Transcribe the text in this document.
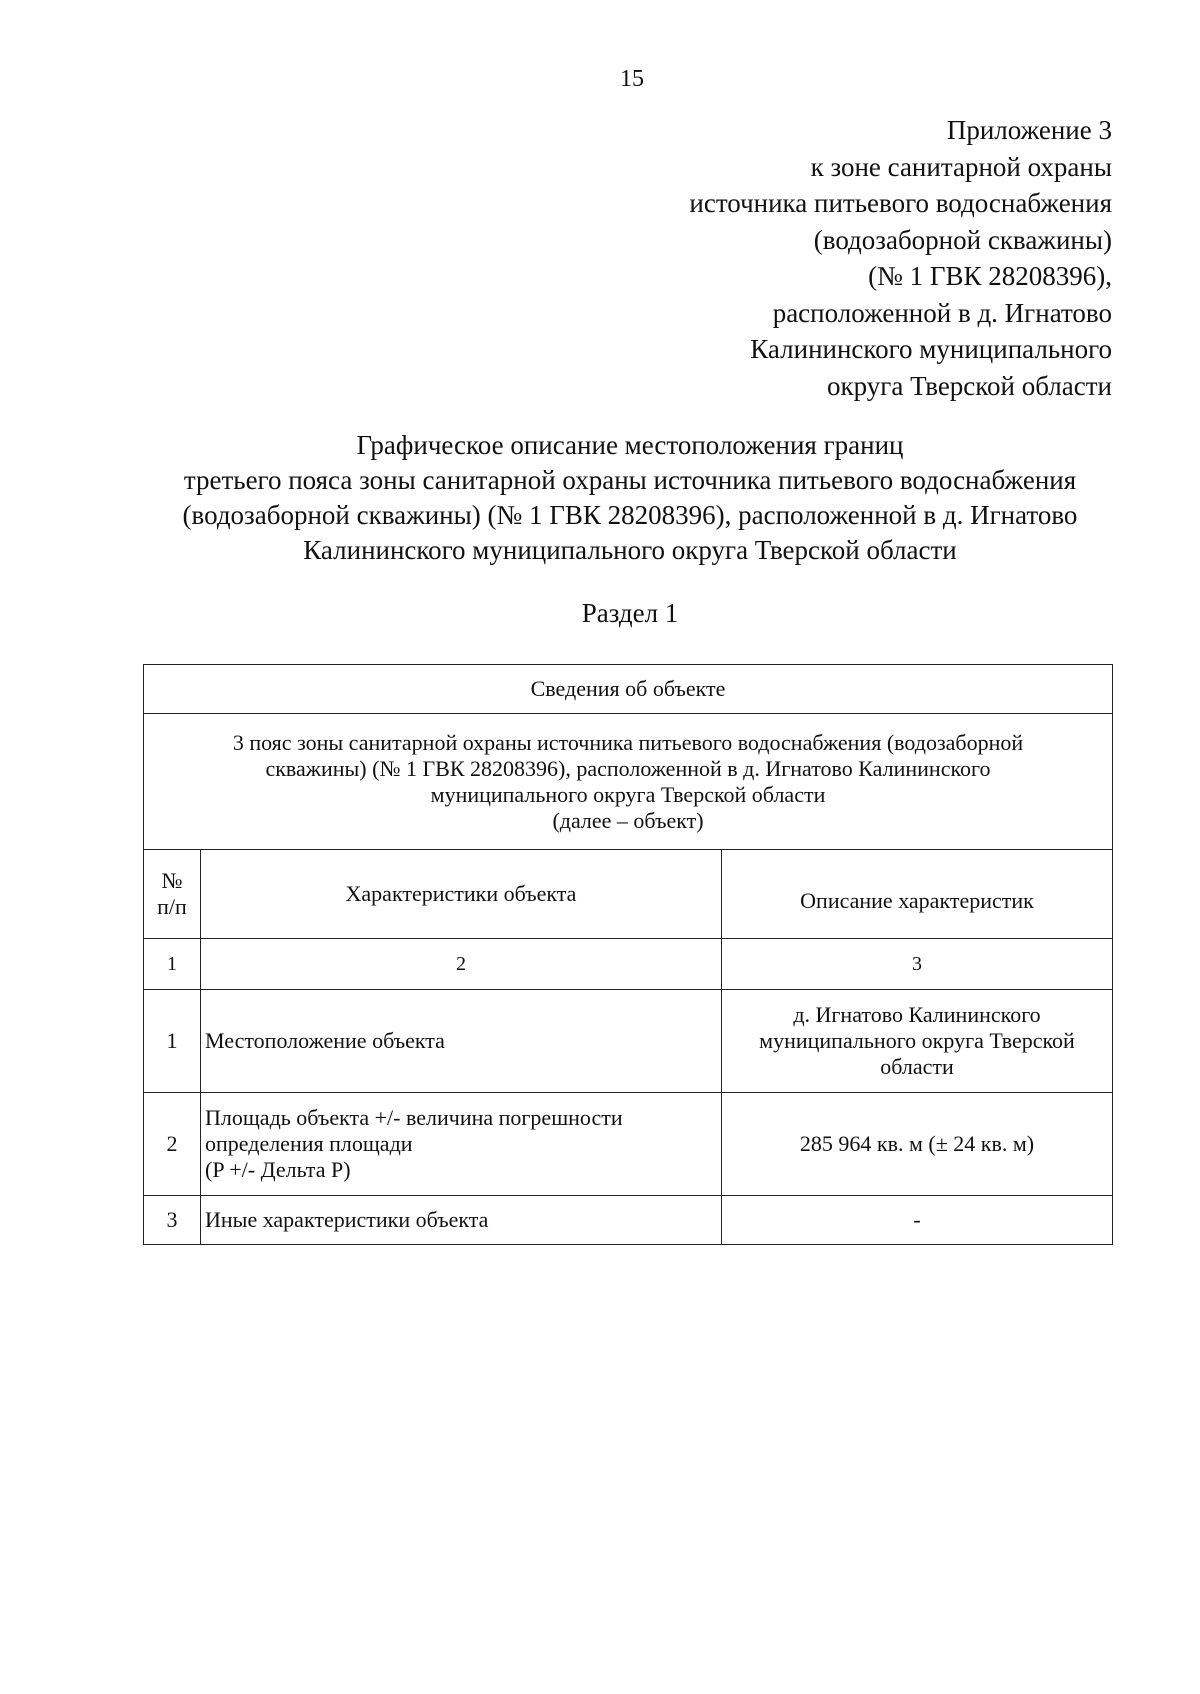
15
Приложение 3
к зоне санитарной охраны
источника питьевого водоснабжения
(водозаборной скважины)
(№ 1 ГВК 28208396),
расположенной в д. Игнатово
Калининского муниципального
округа Тверской области
Графическое описание местоположения границ
третьего пояса зоны санитарной охраны источника питьевого водоснабжения
(водозаборной скважины) (№ 1 ГВК 28208396), расположенной в д. Игнатово
Калининского муниципального округа Тверской области
Раздел 1
Сведения об объекте		

3 пояс зоны санитарной охраны источника питьевого водоснабжения (водозаборной
скважины) (№ 1 ГВК 28208396), расположенной в д. Игнатово Калининского
муниципального округа Тверской области
(далее – объект)		

№
п/п	Характеристики объекта	Описание характеристик
1	2	3
1	Местоположение объекта	д. Игнатово Калининского
муниципального округа Тверской
области

2	Площадь объекта +/- величина погрешности
определения площади
(P +/- Дельта P)	285 964 кв. м (± 24 кв. м)

3	Иные характеристики объекта	-
